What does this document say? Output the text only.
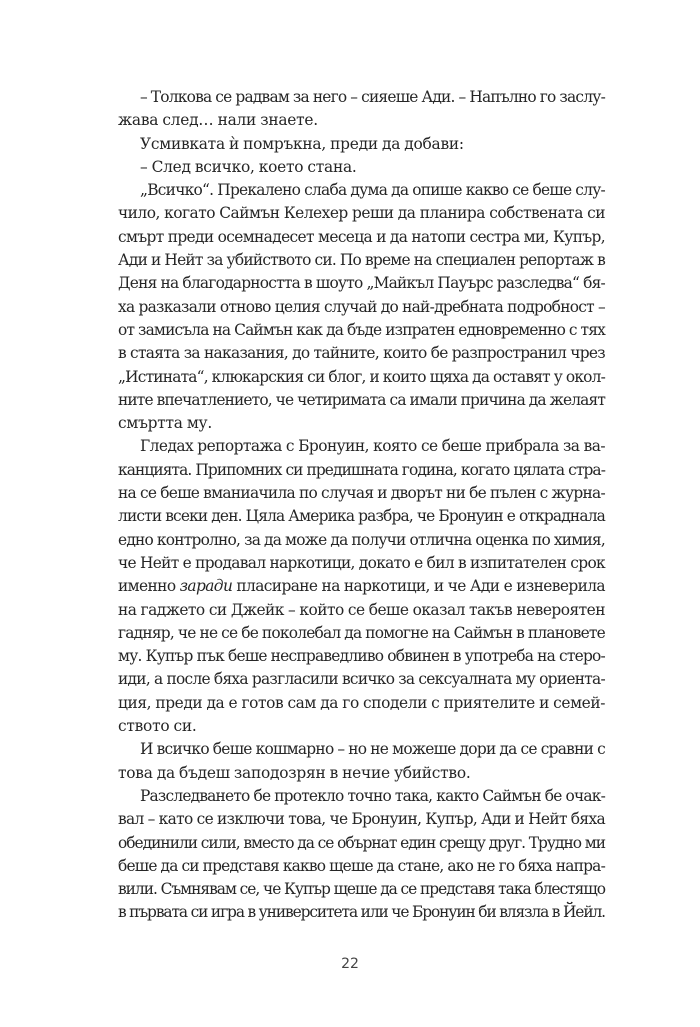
– Толкова се радвам за него – сияеше Ади. – Напълно го заслу-
жава след… нали знаете.
Усмивката ѝ помръкна, преди да добави:
– След всичко, което стана.
„Всичко“. Прекалено слаба дума да опише какво се беше слу-
чило, когато Саймън Келехер реши да планира собствената си
смърт преди осемнадесет месеца и да натопи сестра ми, Купър,
Ади и Нейт за убийството си. По време на специален репортаж в
Деня на благодарността в шоуто „Майкъл Пауърс разследва“ бя-
ха разказали отново целия случай до най-дребната подробност –
от замисъла на Саймън как да бъде изпратен едновременно с тях
в стаята за наказания, до тайните, които бе разпространил чрез
„Истината“, клюкарския си блог, и които щяха да оставят у окол-
ните впечатлението, че четиримата са имали причина да желаят
смъртта му.
Гледах репортажа с Бронуин, която се беше прибрала за ва-
канцията. Припомних си предишната година, когато цялата стра-
на се беше вманиачила по случая и дворът ни бе пълен с журна-
листи всеки ден. Цяла Америка разбра, че Бронуин е откраднала
едно контролно, за да може да получи отлична оценка по химия,
че Нейт е продавал наркотици, докато е бил в изпитателен срок
именно заради пласиране на наркотици, и че Ади е изневерила
на гаджето си Джейк – който се беше оказал такъв невероятен
гадняр, че не се бе поколебал да помогне на Саймън в плановете
му. Купър пък беше несправедливо обвинен в употреба на стеро-
иди, а после бяха разгласили всичко за сексуалната му ориента-
ция, преди да е готов сам да го сподели с приятелите и семей-
ството си.
И всичко беше кошмарно – но не можеше дори да се сравни с
това да бъдеш заподозрян в нечие убийство.
Разследването бе протекло точно така, както Саймън бе очак-
вал – като се изключи това, че Бронуин, Купър, Ади и Нейт бяха
обединили сили, вместо да се обърнат един срещу друг. Трудно ми
беше да си представя какво щеше да стане, ако не го бяха напра-
вили. Съмнявам се, че Купър щеше да се представя така блестящо
в първата си игра в университета или че Бронуин би влязла в Йейл.
22
